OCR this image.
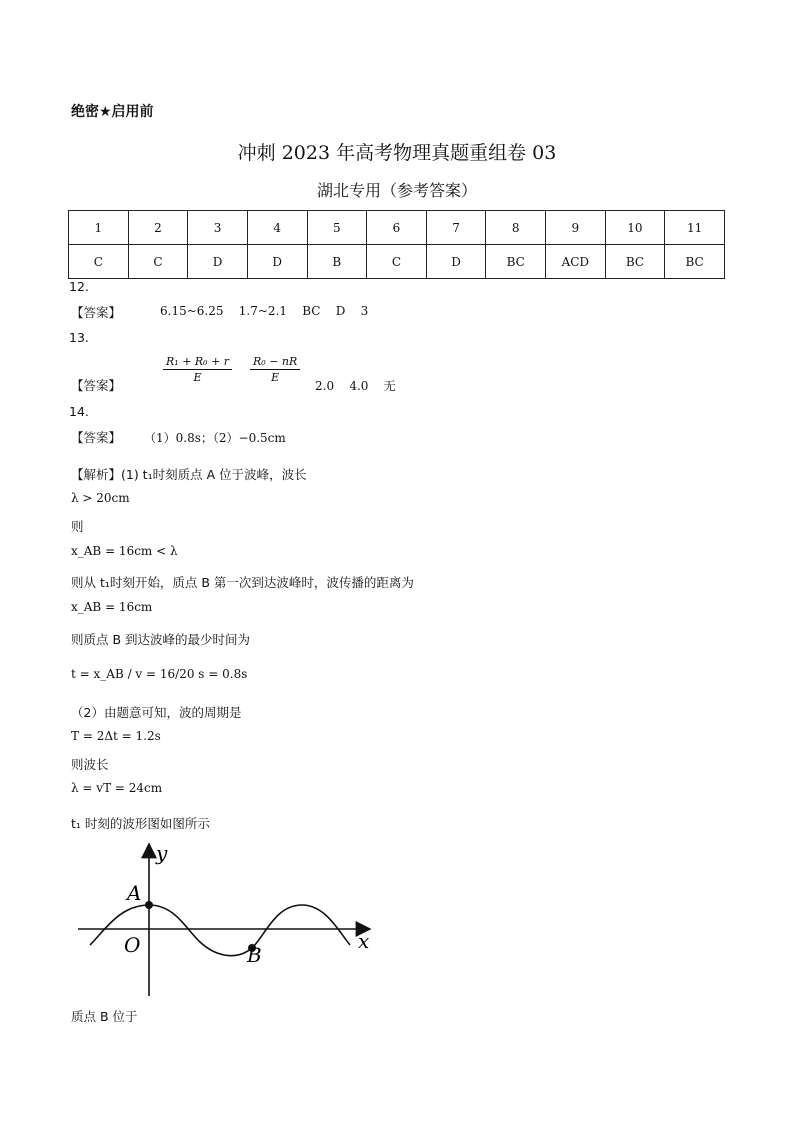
绝密★启用前
冲刺 2023 年高考物理真题重组卷 03
湖北专用（参考答案）
1	2	3	4	5	6	7	8	9	10	11
C	C	D	D	B	C	D	BC	ACD	BC	BC
12.
【答案】	6.15~6.25    1.7~2.1    BC    D    3
13.
【答案】
$\frac{\text{R₁ + R₀ + r}}{E} \frac{\text{R₀ − nR}}{E}$
2.0    4.0    无
14.
【答案】 （1）0.8s；（2）−0.5cm
【解析】(1) t₁时刻质点 A 位于波峰，波长
λ > 20cm
则
x_AB = 16cm < λ
则从 t₁时刻开始，质点 B 第一次到达波峰时，波传播的距离为
x_AB = 16cm
则质点 B 到达波峰的最少时间为
t = x_AB / v = 16/20 s = 0.8s
（2）由题意可知，波的周期是
T = 2Δt = 1.2s
则波长
λ = vT = 24cm
t₁ 时刻的波形图如图所示
y
x
A
O	B
质点 B 位于
